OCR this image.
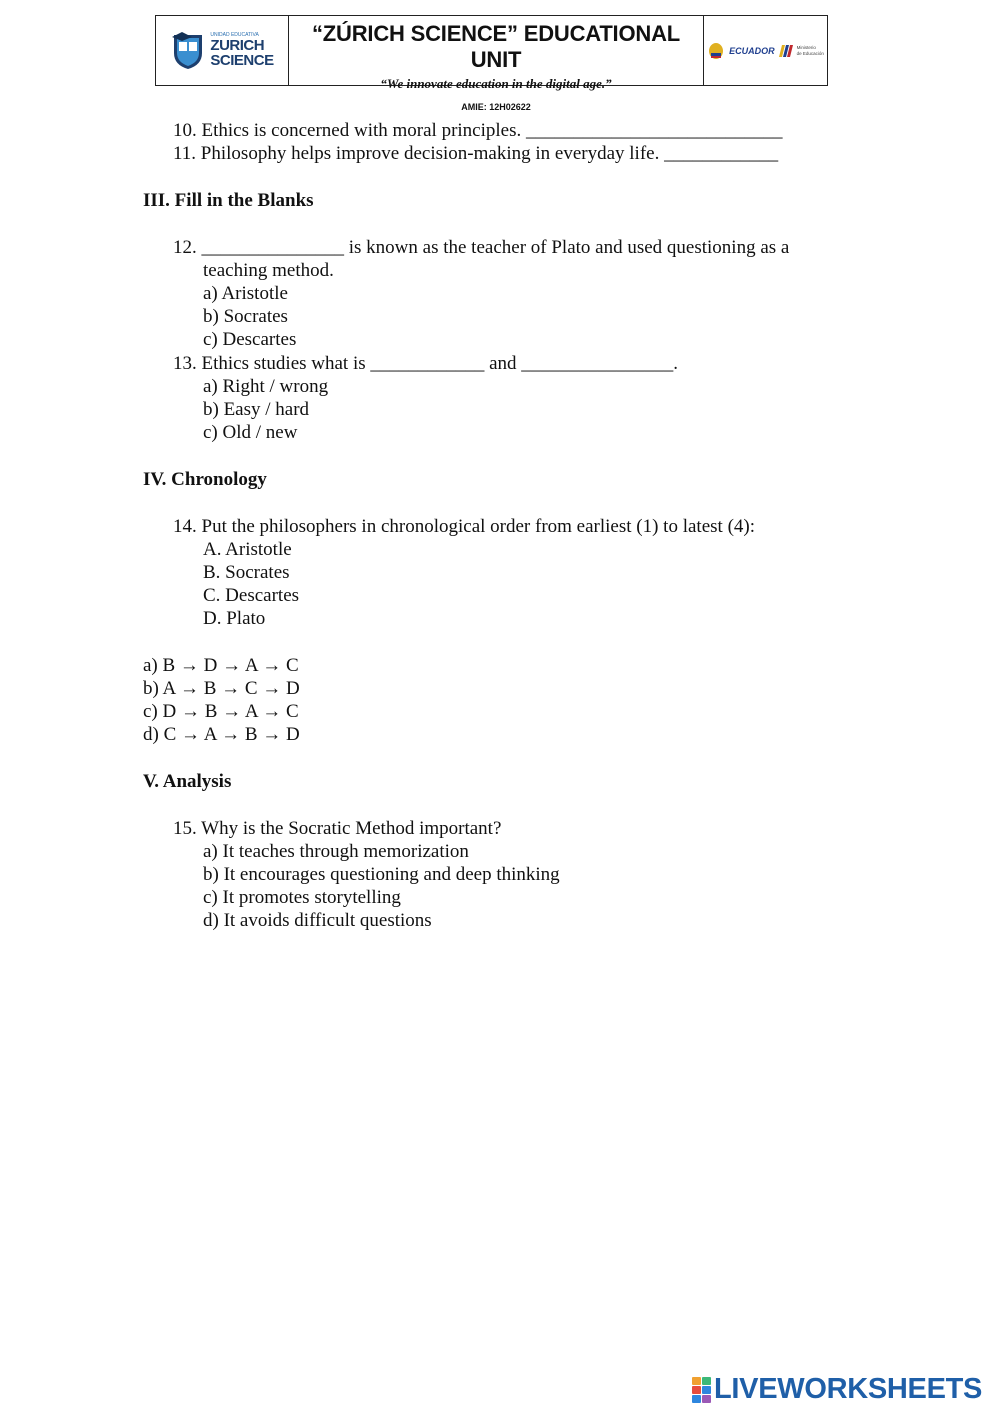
UNIDAD EDUCATIVA
ZURICH
SCIENCE
“ZÚRICH SCIENCE” EDUCATIONAL UNIT
“We innovate education in the digital age.”
AMIE: 12H02622
ECUADOR	Ministerio
de Educación
10. Ethics is concerned with moral principles. ___________________________
11. Philosophy helps improve decision-making in everyday life. ____________
III. Fill in the Blanks
12. _______________ is known as the teacher of Plato and used questioning as a
teaching method.
a) Aristotle
b) Socrates
c) Descartes
13. Ethics studies what is ____________ and ________________.
a) Right / wrong
b) Easy / hard
c) Old / new
IV. Chronology
14. Put the philosophers in chronological order from earliest (1) to latest (4):
A. Aristotle
B. Socrates
C. Descartes
D. Plato
a) B → D → A → C
b) A → B → C → D
c) D → B → A → C
d) C → A → B → D
V. Analysis
15. Why is the Socratic Method important?
a) It teaches through memorization
b) It encourages questioning and deep thinking
c) It promotes storytelling
d) It avoids difficult questions
LIVEWORKSHEETS
